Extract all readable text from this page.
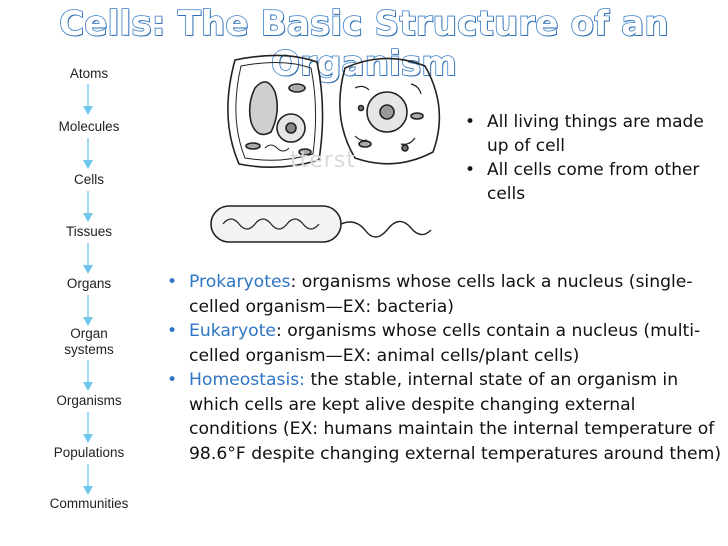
Cells: The Basic Structure of an Organism
Atoms
Molecules
Cells
Tissues
Organs
Organ
systems
Organisms
Populations
Communities
tterst

• All living things are made up of cell

• All cells come from other cells

• Prokaryotes: organisms whose cells lack a nucleus (single-celled organism—EX: bacteria)

• Eukaryote: organisms whose cells contain a nucleus (multi-celled organism—EX: animal cells/plant cells)

• Homeostasis: the stable, internal state of an organism in which cells are kept alive despite changing external conditions (EX: humans maintain the internal temperature of 98.6°F despite changing external temperatures around them)
